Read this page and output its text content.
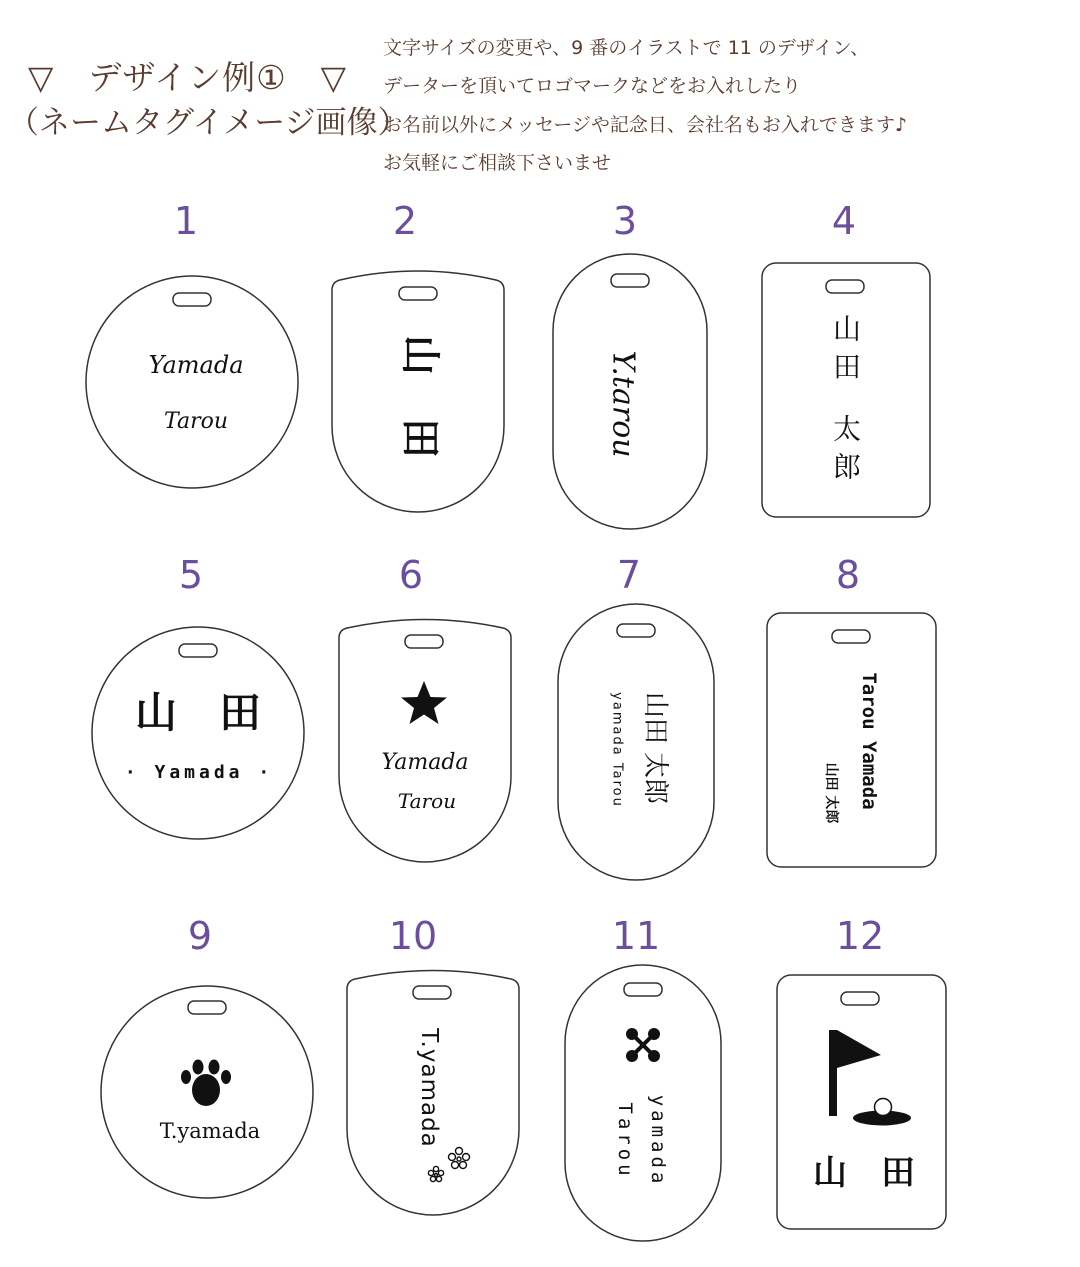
▽　デザイン例①　▽
（ネームタグイメージ画像）
文字サイズの変更や、9 番のイラストで 11 のデザイン、
データーを頂いてロゴマークなどをお入れしたり
お名前以外にメッセージや記念日、会社名もお入れできます♪
お気軽にご相談下さいませ
1
Yamada
Tarou
2
山
田
3
Y.tarou
4
山
田
太
郎
5
山　田
· Yamada ·
6
Yamada
Tarou
7
山田 太郎
yamada Tarou
8
Tarou Yamada
山田 太郎
9
T.yamada
10
T.yamada
11
yamada
Tarou
12
山　田
